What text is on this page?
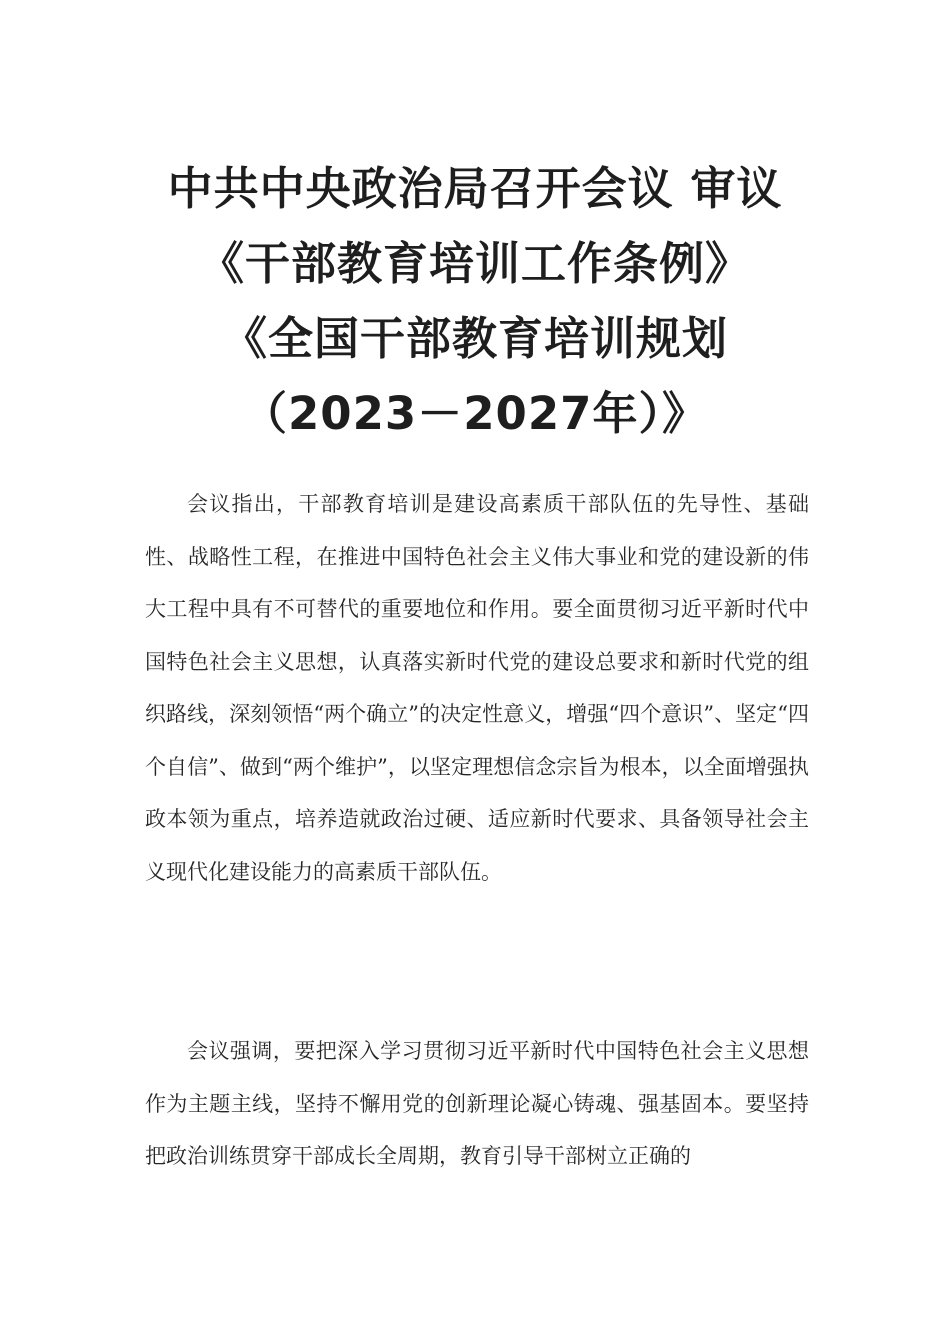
中共中央政治局召开会议 审议
《干部教育培训工作条例》
《全国干部教育培训规划
（2023－2027年）》

会议指出，干部教育培训是建设高素质干部队伍的先导性、基础性、战略性工程，在推进中国特色社会主义伟大事业和党的建设新的伟大工程中具有不可替代的重要地位和作用。要全面贯彻习近平新时代中国特色社会主义思想，认真落实新时代党的建设总要求和新时代党的组织路线，深刻领悟“两个确立”的决定性意义，增强“四个意识”、坚定“四个自信”、做到“两个维护”，以坚定理想信念宗旨为根本，以全面增强执政本领为重点，培养造就政治过硬、适应新时代要求、具备领导社会主义现代化建设能力的高素质干部队伍。

会议强调，要把深入学习贯彻习近平新时代中国特色社会主义思想作为主题主线，坚持不懈用党的创新理论凝心铸魂、强基固本。要坚持把政治训练贯穿干部成长全周期，教育引导干部树立正确的
